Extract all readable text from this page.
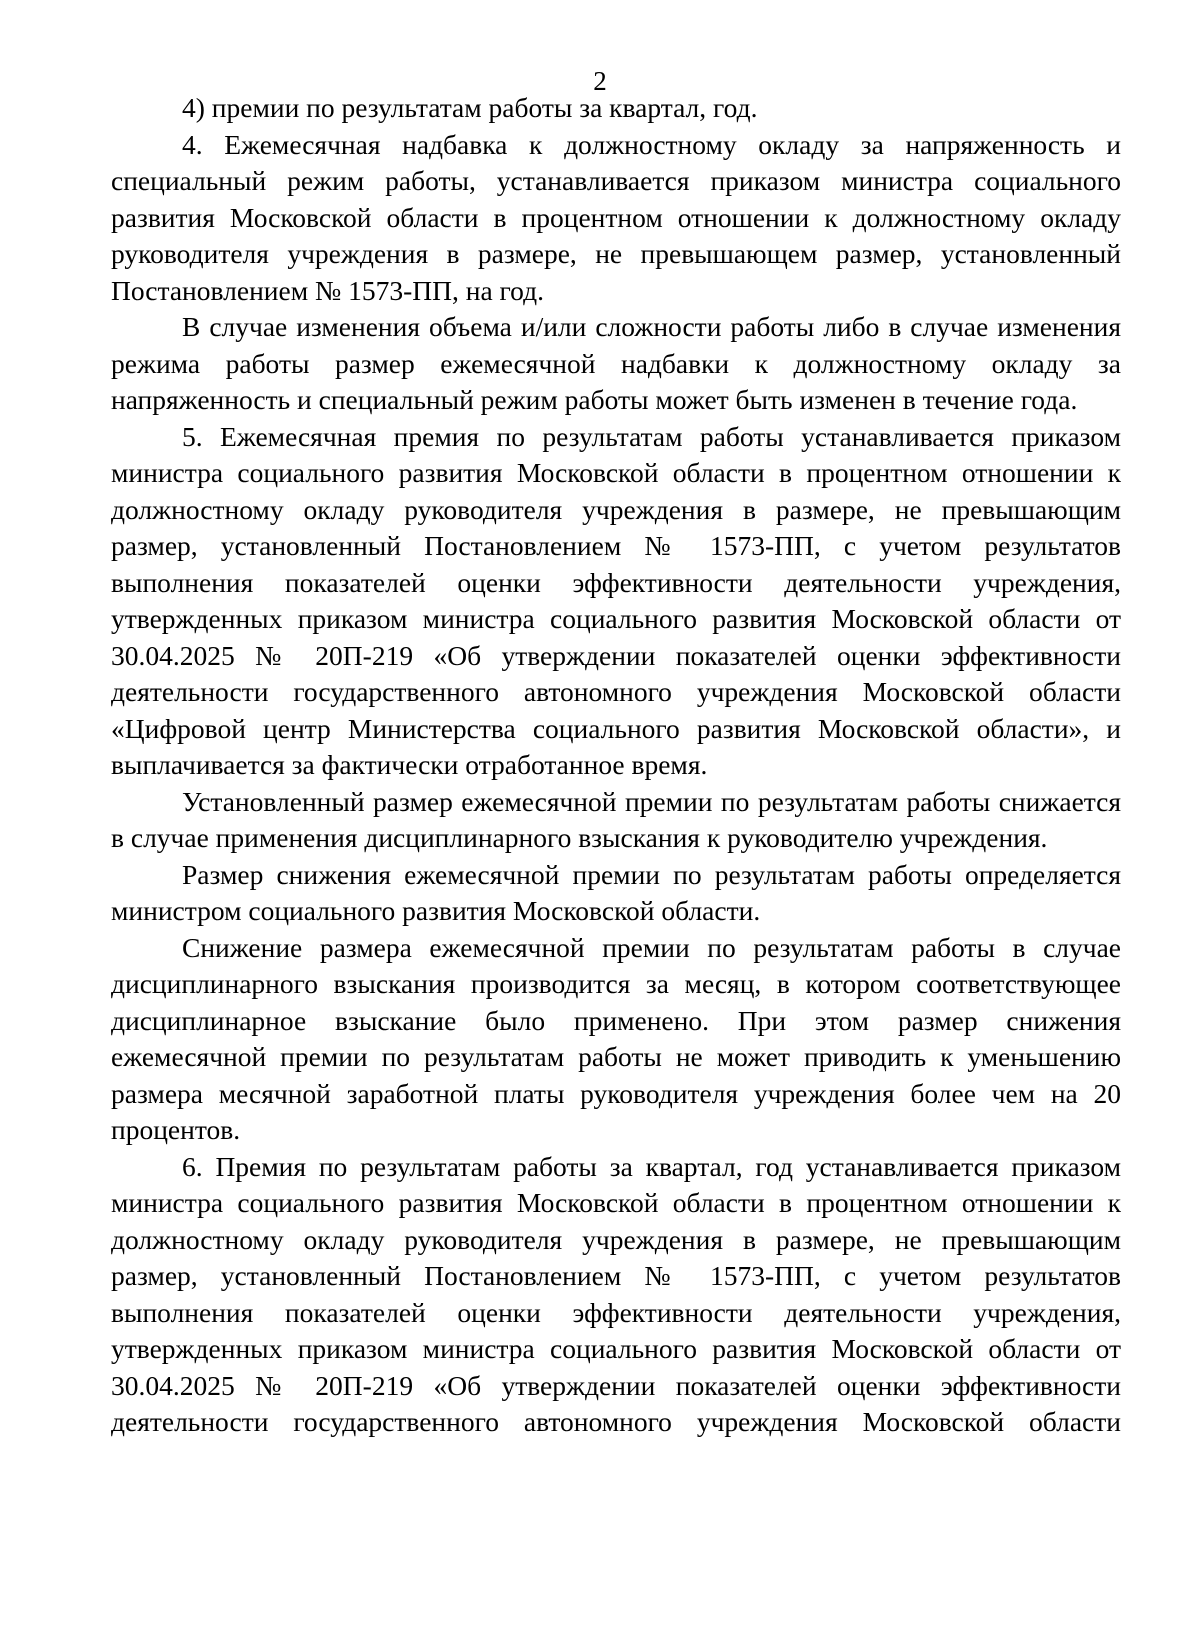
2

4) премии по результатам работы за квартал, год.

4. Ежемесячная надбавка к должностному окладу за напряженность и специальный режим работы, устанавливается приказом министра социального развития Московской области в процентном отношении к должностному окладу руководителя учреждения в размере, не превышающем размер, установленный Постановлением № 1573-ПП, на год.

В случае изменения объема и/или сложности работы либо в случае изменения режима работы размер ежемесячной надбавки к должностному окладу за напряженность и специальный режим работы может быть изменен в течение года.

5. Ежемесячная премия по результатам работы устанавливается приказом министра социального развития Московской области в процентном отношении к должностному окладу руководителя учреждения в размере, не превышающим размер, установленный Постановлением № 1573-ПП, с учетом результатов выполнения показателей оценки эффективности деятельности учреждения, утвержденных приказом министра социального развития Московской области от 30.04.2025 № 20П-219 «Об утверждении показателей оценки эффективности деятельности государственного автономного учреждения Московской области «Цифровой центр Министерства социального развития Московской области», и выплачивается за фактически отработанное время.

Установленный размер ежемесячной премии по результатам работы снижается в случае применения дисциплинарного взыскания к руководителю учреждения.

Размер снижения ежемесячной премии по результатам работы определяется министром социального развития Московской области.

Снижение размера ежемесячной премии по результатам работы в случае дисциплинарного взыскания производится за месяц, в котором соответствующее дисциплинарное взыскание было применено. При этом размер снижения ежемесячной премии по результатам работы не может приводить к уменьшению размера месячной заработной платы руководителя учреждения более чем на 20 процентов.

6. Премия по результатам работы за квартал, год устанавливается приказом министра социального развития Московской области в процентном отношении к должностному окладу руководителя учреждения в размере, не превышающим размер, установленный Постановлением № 1573-ПП, с учетом результатов выполнения показателей оценки эффективности деятельности учреждения, утвержденных приказом министра социального развития Московской области от 30.04.2025 № 20П-219 «Об утверждении показателей оценки эффективности деятельности государственного автономного учреждения Московской области
